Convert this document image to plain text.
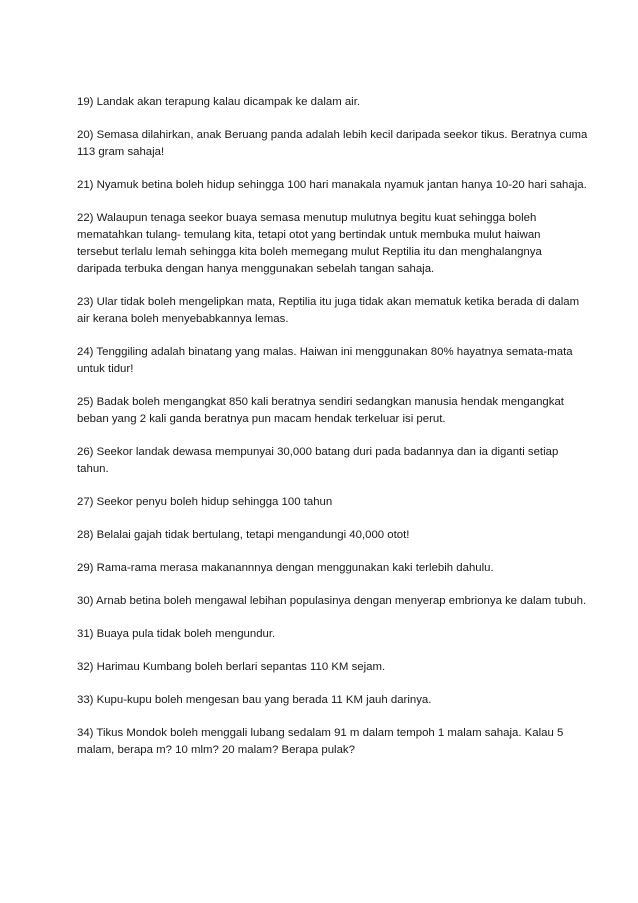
19) Landak akan terapung kalau dicampak ke dalam air.

20) Semasa dilahirkan, anak Beruang panda adalah lebih kecil daripada seekor tikus. Beratnya cuma
113 gram sahaja!

21) Nyamuk betina boleh hidup sehingga 100 hari manakala nyamuk jantan hanya 10-20 hari sahaja.

22) Walaupun tenaga seekor buaya semasa menutup mulutnya begitu kuat sehingga boleh
mematahkan tulang- temulang kita, tetapi otot yang bertindak untuk membuka mulut haiwan
tersebut terlalu lemah sehingga kita boleh memegang mulut Reptilia itu dan menghalangnya
daripada terbuka dengan hanya menggunakan sebelah tangan sahaja.

23) Ular tidak boleh mengelipkan mata, Reptilia itu juga tidak akan mematuk ketika berada di dalam
air kerana boleh menyebabkannya lemas.

24) Tenggiling adalah binatang yang malas. Haiwan ini menggunakan 80% hayatnya semata-mata
untuk tidur!

25) Badak boleh mengangkat 850 kali beratnya sendiri sedangkan manusia hendak mengangkat
beban yang 2 kali ganda beratnya pun macam hendak terkeluar isi perut.

26) Seekor landak dewasa mempunyai 30,000 batang duri pada badannya dan ia diganti setiap
tahun.

27) Seekor penyu boleh hidup sehingga 100 tahun

28) Belalai gajah tidak bertulang, tetapi mengandungi 40,000 otot!

29) Rama-rama merasa makanannnya dengan menggunakan kaki terlebih dahulu.

30) Arnab betina boleh mengawal lebihan populasinya dengan menyerap embrionya ke dalam tubuh.

31) Buaya pula tidak boleh mengundur.

32) Harimau Kumbang boleh berlari sepantas 110 KM sejam.

33) Kupu-kupu boleh mengesan bau yang berada 11 KM jauh darinya.

34) Tikus Mondok boleh menggali lubang sedalam 91 m dalam tempoh 1 malam sahaja. Kalau 5
malam, berapa m? 10 mlm? 20 malam? Berapa pulak?
